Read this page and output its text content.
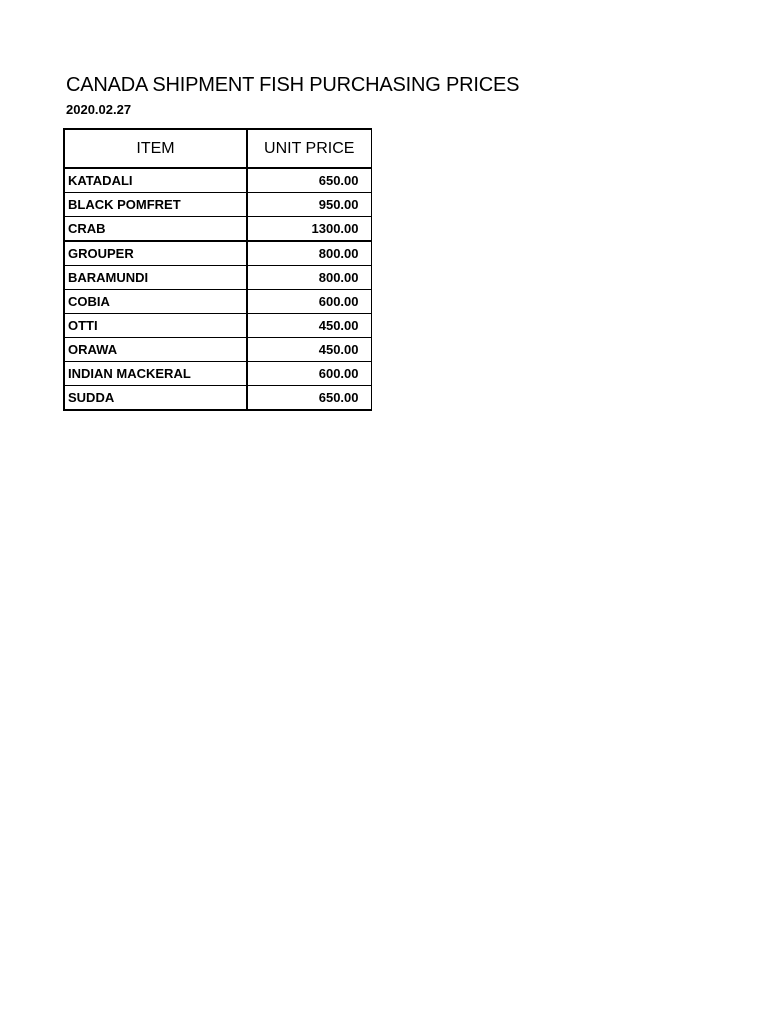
CANADA SHIPMENT FISH PURCHASING PRICES
2020.02.27
ITEM	UNIT PRICE
KATADALI	650.00
BLACK POMFRET	950.00
CRAB	1300.00
GROUPER	800.00
BARAMUNDI	800.00
COBIA	600.00
OTTI	450.00
ORAWA	450.00
INDIAN MACKERAL	600.00
SUDDA	650.00
